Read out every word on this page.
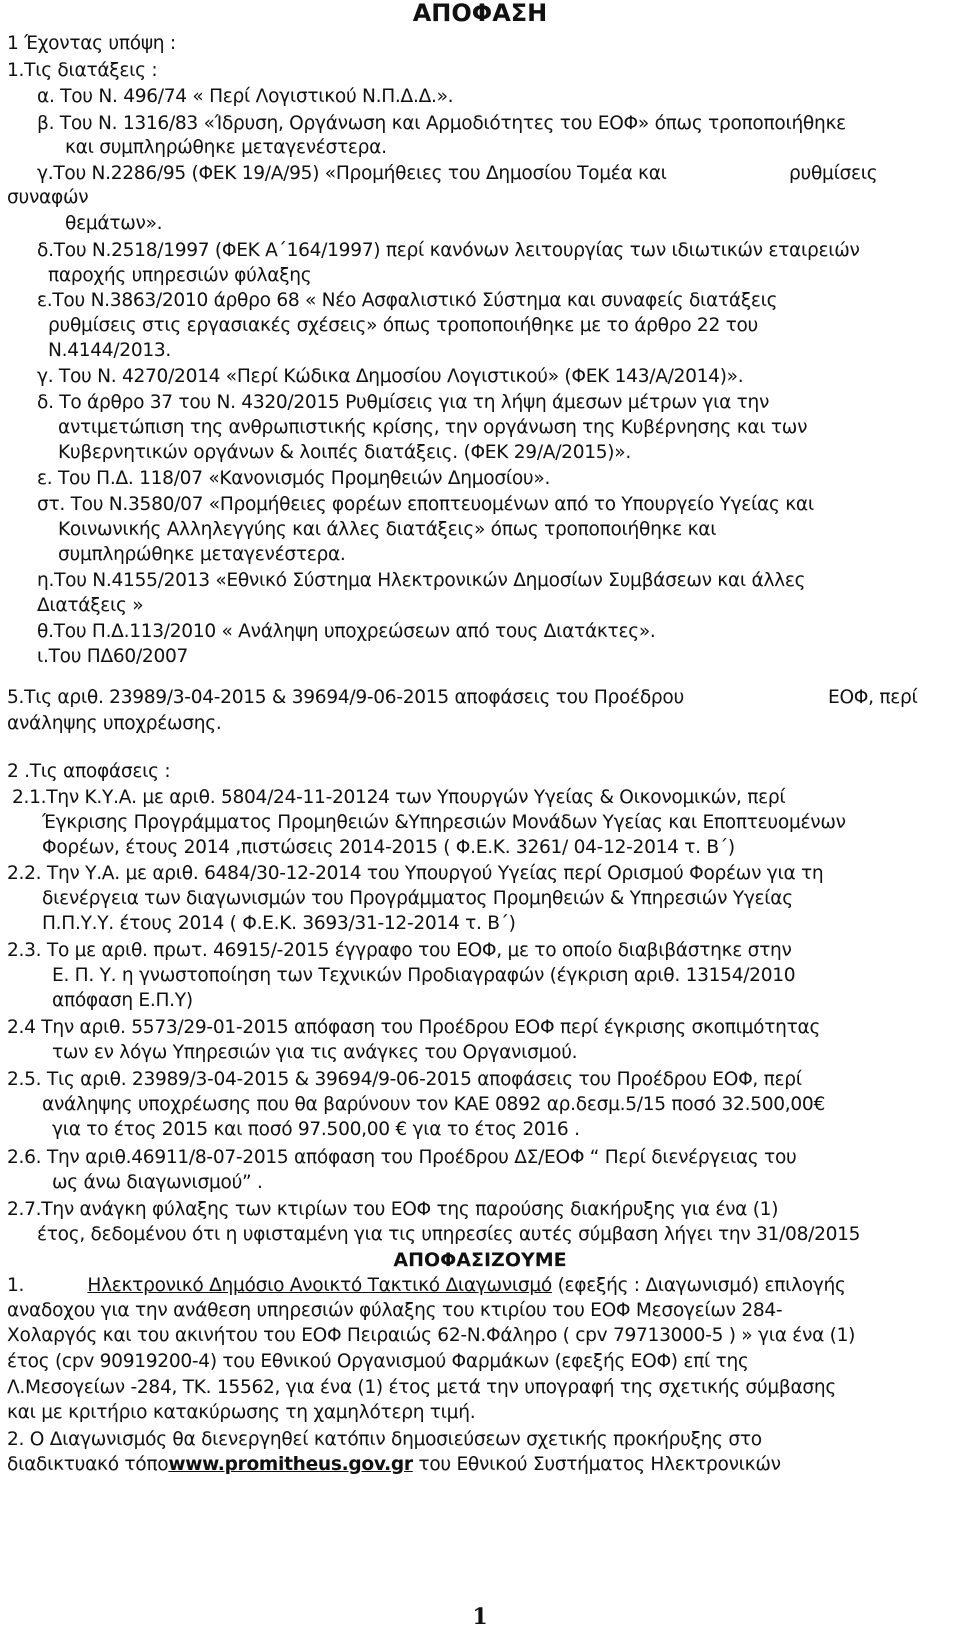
ΑΠΟΦΑΣΗ
1 Έχοντας υπόψη :
1.Τις διατάξεις :
α. Του Ν. 496/74 « Περί Λογιστικού Ν.Π.Δ.Δ.».
β. Του Ν. 1316/83 «Ίδρυση, Οργάνωση και Αρμοδιότητες του ΕΟΦ» όπως τροποποιήθηκε
και συμπληρώθηκε μεταγενέστερα.
γ.Του Ν.2286/95 (ΦΕΚ 19/Α/95) «Προμήθειες του Δημοσίου Τομέα και	ρυθμίσεις
συναφών
θεμάτων».
δ.Του Ν.2518/1997 (ΦΕΚ Α΄164/1997) περί κανόνων λειτουργίας των ιδιωτικών εταιρειών
παροχής υπηρεσιών φύλαξης
ε.Του Ν.3863/2010 άρθρο 68 « Νέο Ασφαλιστικό Σύστημα και συναφείς διατάξεις
ρυθμίσεις στις εργασιακές σχέσεις» όπως τροποποιήθηκε με το άρθρο 22 του
Ν.4144/2013.
γ. Του Ν. 4270/2014 «Περί Κώδικα Δημοσίου Λογιστικού» (ΦΕΚ 143/Α/2014)».
δ. Το άρθρο 37 του Ν. 4320/2015 Ρυθμίσεις για τη λήψη άμεσων μέτρων για την
αντιμετώπιση της ανθρωπιστικής κρίσης, την οργάνωση της Κυβέρνησης και των
Κυβερνητικών οργάνων & λοιπές διατάξεις. (ΦΕΚ 29/Α/2015)».
ε. Του Π.Δ. 118/07 «Κανονισμός Προμηθειών Δημοσίου».
στ. Του Ν.3580/07 «Προμήθειες φορέων εποπτευομένων από το Υπουργείο Υγείας και
Κοινωνικής Αλληλεγγύης και άλλες διατάξεις» όπως τροποποιήθηκε και
συμπληρώθηκε μεταγενέστερα.
η.Του Ν.4155/2013 «Εθνικό Σύστημα Ηλεκτρονικών Δημοσίων Συμβάσεων και άλλες
Διατάξεις »
θ.Του Π.Δ.113/2010 « Ανάληψη υποχρεώσεων από τους Διατάκτες».
ι.Του ΠΔ60/2007
5.Τις αριθ. 23989/3-04-2015 & 39694/9-06-2015 αποφάσεις του Προέδρου	ΕΟΦ, περί
ανάληψης υποχρέωσης.
2 .Τις αποφάσεις :
2.1.Την Κ.Υ.Α. με αριθ. 5804/24-11-20124 των Υπουργών Υγείας & Οικονομικών, περί
Έγκρισης Προγράμματος Προμηθειών &Υπηρεσιών Μονάδων Υγείας και Εποπτευομένων
Φορέων, έτους 2014 ,πιστώσεις 2014-2015 ( Φ.Ε.Κ. 3261/ 04-12-2014 τ. Β΄)
2.2. Την Υ.Α. με αριθ. 6484/30-12-2014 του Υπουργού Υγείας περί Ορισμού Φορέων για τη
διενέργεια των διαγωνισμών του Προγράμματος Προμηθειών & Υπηρεσιών Υγείας
Π.Π.Υ.Υ. έτους 2014 ( Φ.Ε.Κ. 3693/31-12-2014 τ. Β΄)
2.3. Το με αριθ. πρωτ. 46915/-2015 έγγραφο του ΕΟΦ, με το οποίο διαβιβάστηκε στην
Ε. Π. Υ. η γνωστοποίηση των Τεχνικών Προδιαγραφών (έγκριση αριθ. 13154/2010
απόφαση Ε.Π.Υ)
2.4 Την αριθ. 5573/29-01-2015 απόφαση του Προέδρου ΕΟΦ περί έγκρισης σκοπιμότητας
των εν λόγω Υπηρεσιών για τις ανάγκες του Οργανισμού.
2.5. Τις αριθ. 23989/3-04-2015 & 39694/9-06-2015 αποφάσεις του Προέδρου ΕΟΦ, περί
ανάληψης υποχρέωσης που θα βαρύνουν τον ΚΑΕ 0892 αρ.δεσμ.5/15 ποσό 32.500,00€
για το έτος 2015 και ποσό 97.500,00 € για το έτος 2016 .
2.6. Την αριθ.46911/8-07-2015 απόφαση του Προέδρου ΔΣ/ΕΟΦ “ Περί διενέργειας του
ως άνω διαγωνισμού” .
2.7.Την ανάγκη φύλαξης των κτιρίων του ΕΟΦ της παρούσης διακήρυξης για ένα (1)
έτος, δεδομένου ότι η υφισταμένη για τις υπηρεσίες αυτές σύμβαση λήγει την 31/08/2015
ΑΠΟΦΑΣΙΖΟΥΜΕ
1.	Ηλεκτρονικό Δημόσιο Ανοικτό Τακτικό Διαγωνισμό (εφεξής : Διαγωνισμό) επιλογής
αναδοχου για την ανάθεση υπηρεσιών φύλαξης του κτιρίου του ΕΟΦ Μεσογείων 284-
Χολαργός και του ακινήτου του ΕΟΦ Πειραιώς 62-Ν.Φάληρο ( cpv 79713000-5 ) » για ένα (1)
έτος (cpv 90919200-4) του Εθνικού Οργανισμού Φαρμάκων (εφεξής ΕΟΦ) επί της
Λ.Μεσογείων -284, ΤΚ. 15562, για ένα (1) έτος μετά την υπογραφή της σχετικής σύμβασης
και με κριτήριο κατακύρωσης τη χαμηλότερη τιμή.
2. Ο Διαγωνισμός θα διενεργηθεί κατόπιν δημοσιεύσεων σχετικής προκήρυξης στο
διαδικτυακό τόποwww.promitheus.gov.gr του Εθνικού Συστήματος Ηλεκτρονικών
1
